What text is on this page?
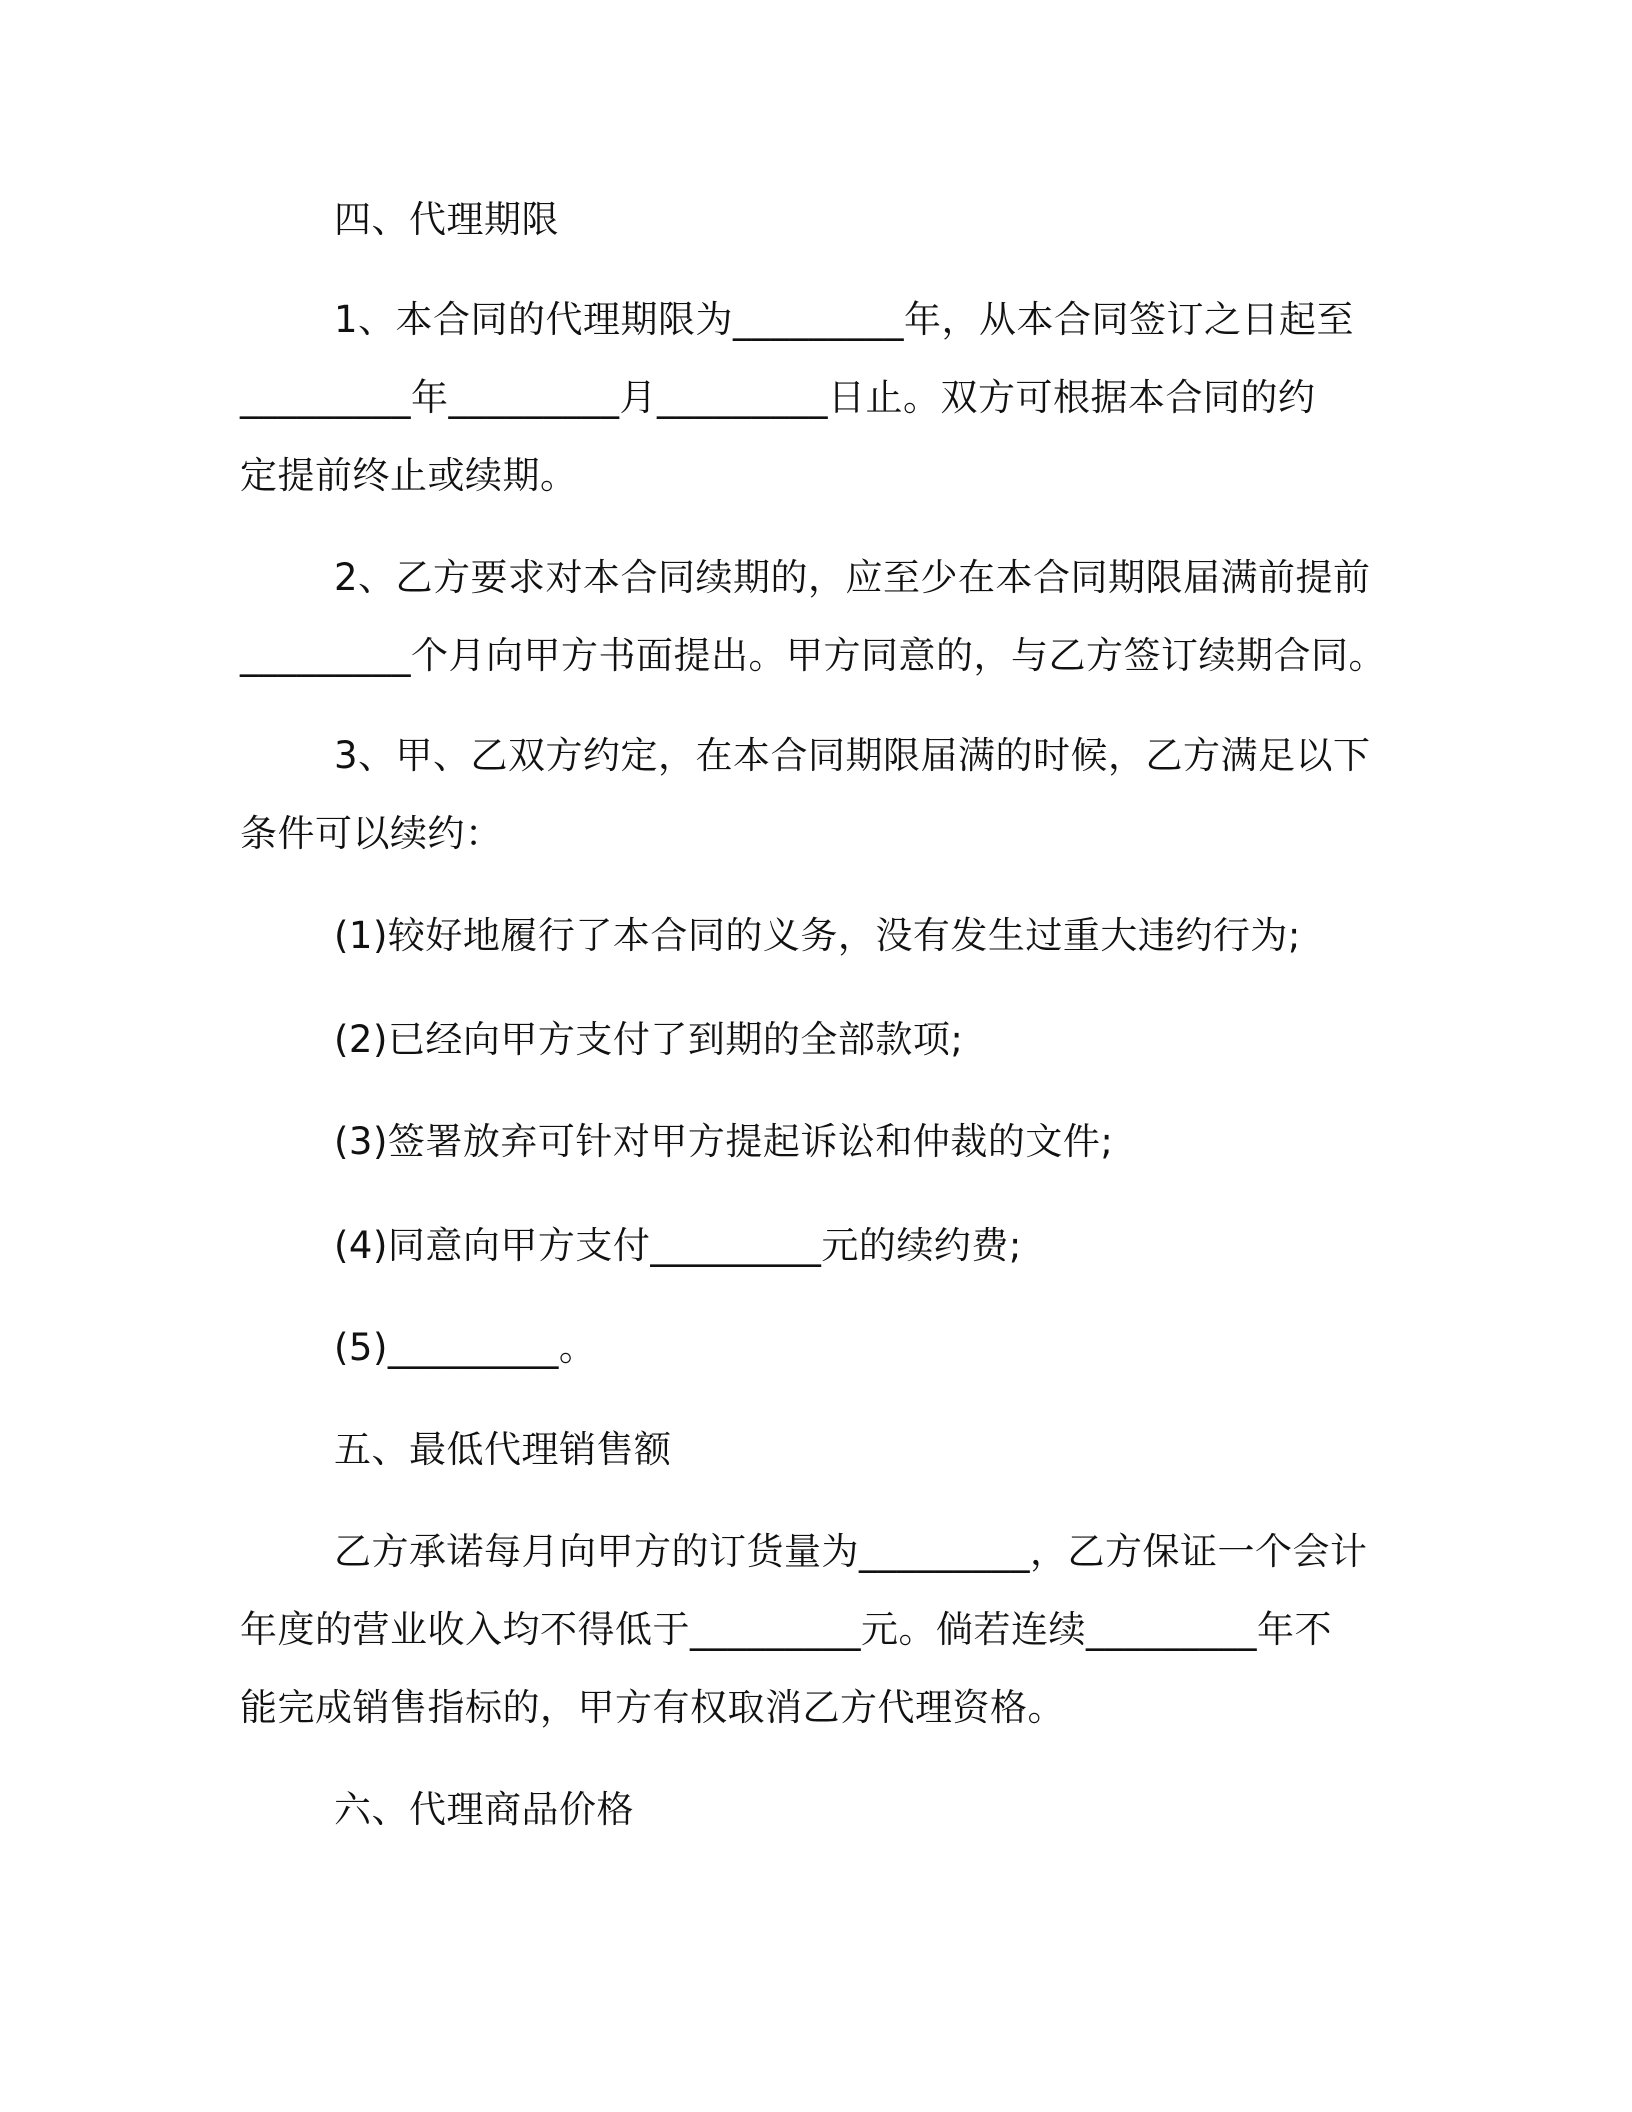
四、代理期限
1、本合同的代理期限为_________年，从本合同签订之日起至
_________年_________月_________日止。双方可根据本合同的约
定提前终止或续期。
2、乙方要求对本合同续期的，应至少在本合同期限届满前提前
_________个月向甲方书面提出。甲方同意的，与乙方签订续期合同。
3、甲、乙双方约定，在本合同期限届满的时候，乙方满足以下
条件可以续约：
(1)较好地履行了本合同的义务，没有发生过重大违约行为;
(2)已经向甲方支付了到期的全部款项;
(3)签署放弃可针对甲方提起诉讼和仲裁的文件;
(4)同意向甲方支付_________元的续约费;
(5)_________。
五、最低代理销售额
乙方承诺每月向甲方的订货量为_________，乙方保证一个会计
年度的营业收入均不得低于_________元。倘若连续_________年不
能完成销售指标的，甲方有权取消乙方代理资格。
六、代理商品价格
